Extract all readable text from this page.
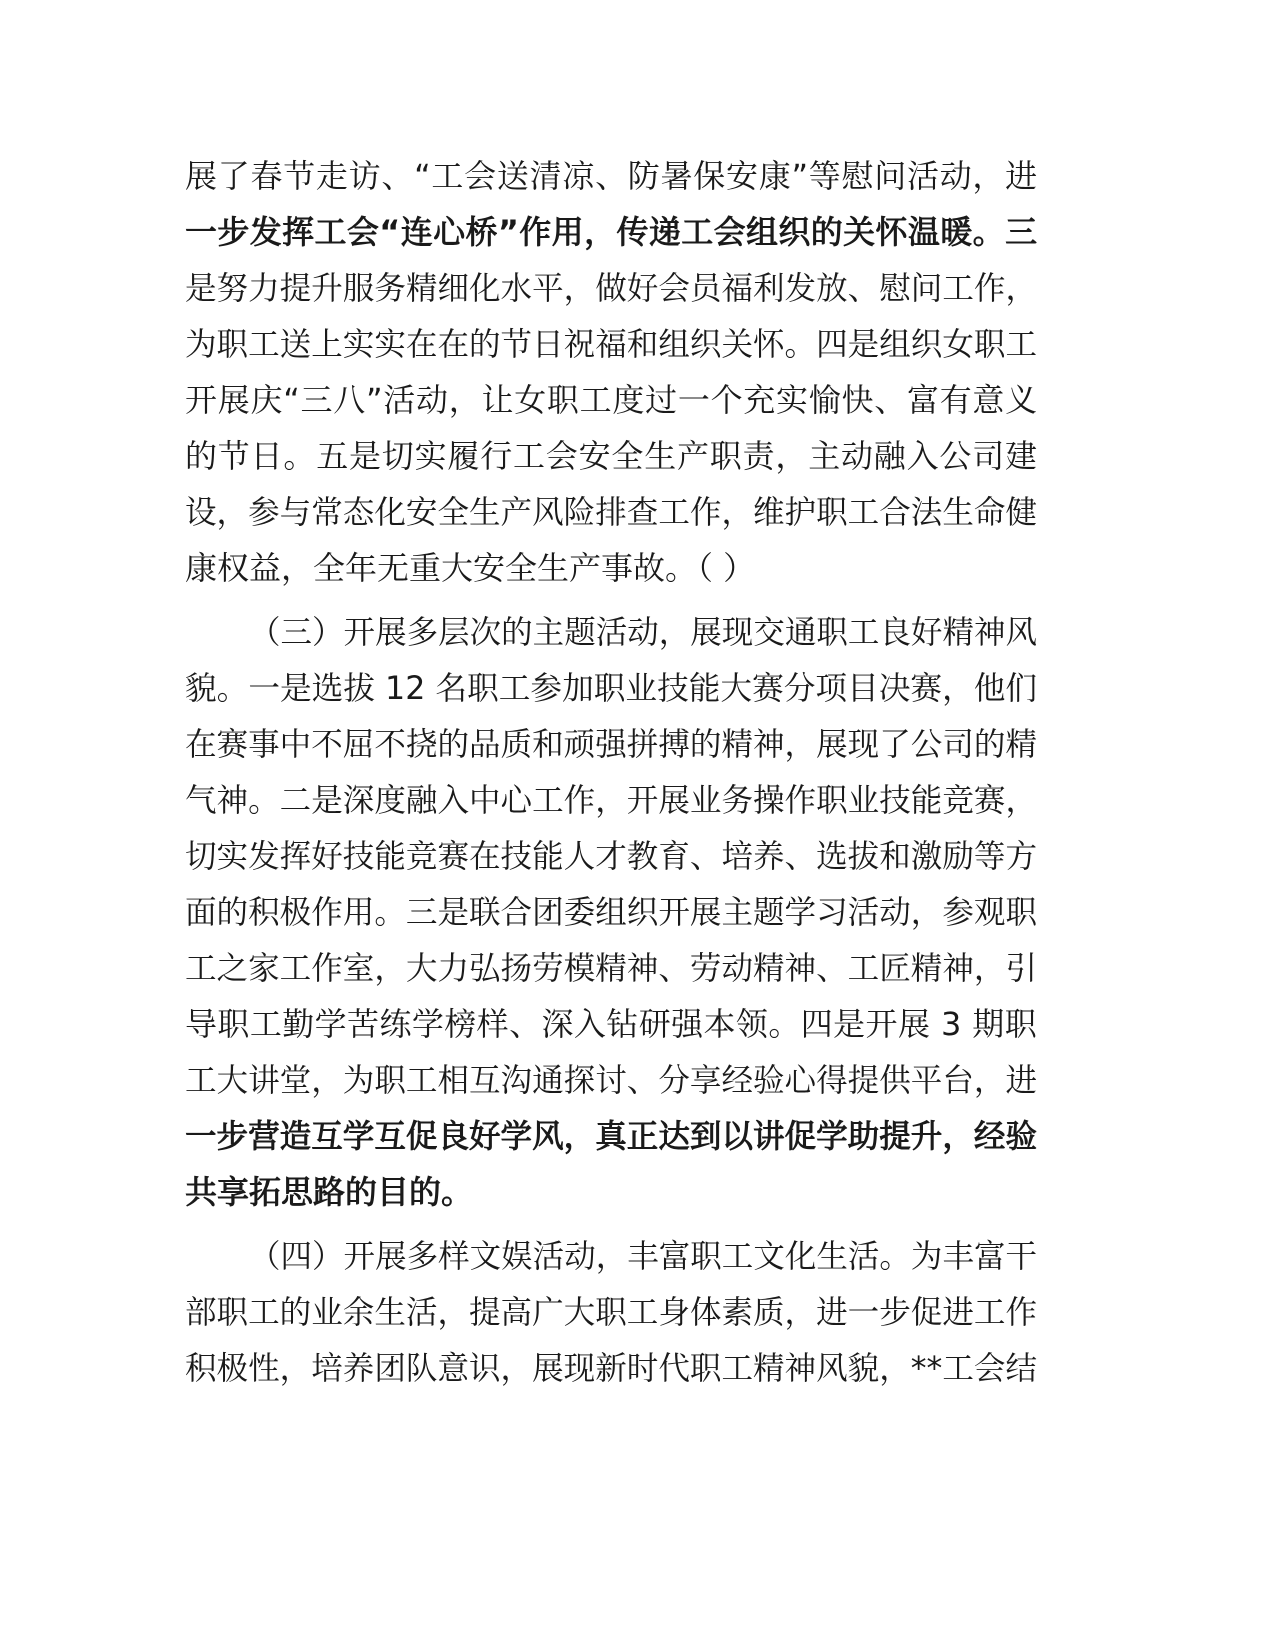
展了春节走访、“工会送清凉、防暑保安康”等慰问活动，进
一步发挥工会“连心桥”作用，传递工会组织的关怀温暖。三
是努力提升服务精细化水平，做好会员福利发放、慰问工作，
为职工送上实实在在的节日祝福和组织关怀。四是组织女职工
开展庆“三八”活动，让女职工度过一个充实愉快、富有意义
的节日。五是切实履行工会安全生产职责，主动融入公司建
设，参与常态化安全生产风险排查工作，维护职工合法生命健
康权益，全年无重大安全生产事故。（ ）
（三）开展多层次的主题活动，展现交通职工良好精神风
貌。一是选拔 12 名职工参加职业技能大赛分项目决赛，他们
在赛事中不屈不挠的品质和顽强拼搏的精神，展现了公司的精
气神。二是深度融入中心工作，开展业务操作职业技能竞赛，
切实发挥好技能竞赛在技能人才教育、培养、选拔和激励等方
面的积极作用。三是联合团委组织开展主题学习活动，参观职
工之家工作室，大力弘扬劳模精神、劳动精神、工匠精神，引
导职工勤学苦练学榜样、深入钻研强本领。四是开展 3 期职
工大讲堂，为职工相互沟通探讨、分享经验心得提供平台，进
一步营造互学互促良好学风，真正达到以讲促学助提升，经验
共享拓思路的目的。
（四）开展多样文娱活动，丰富职工文化生活。为丰富干
部职工的业余生活，提高广大职工身体素质，进一步促进工作
积极性，培养团队意识，展现新时代职工精神风貌，**工会结
